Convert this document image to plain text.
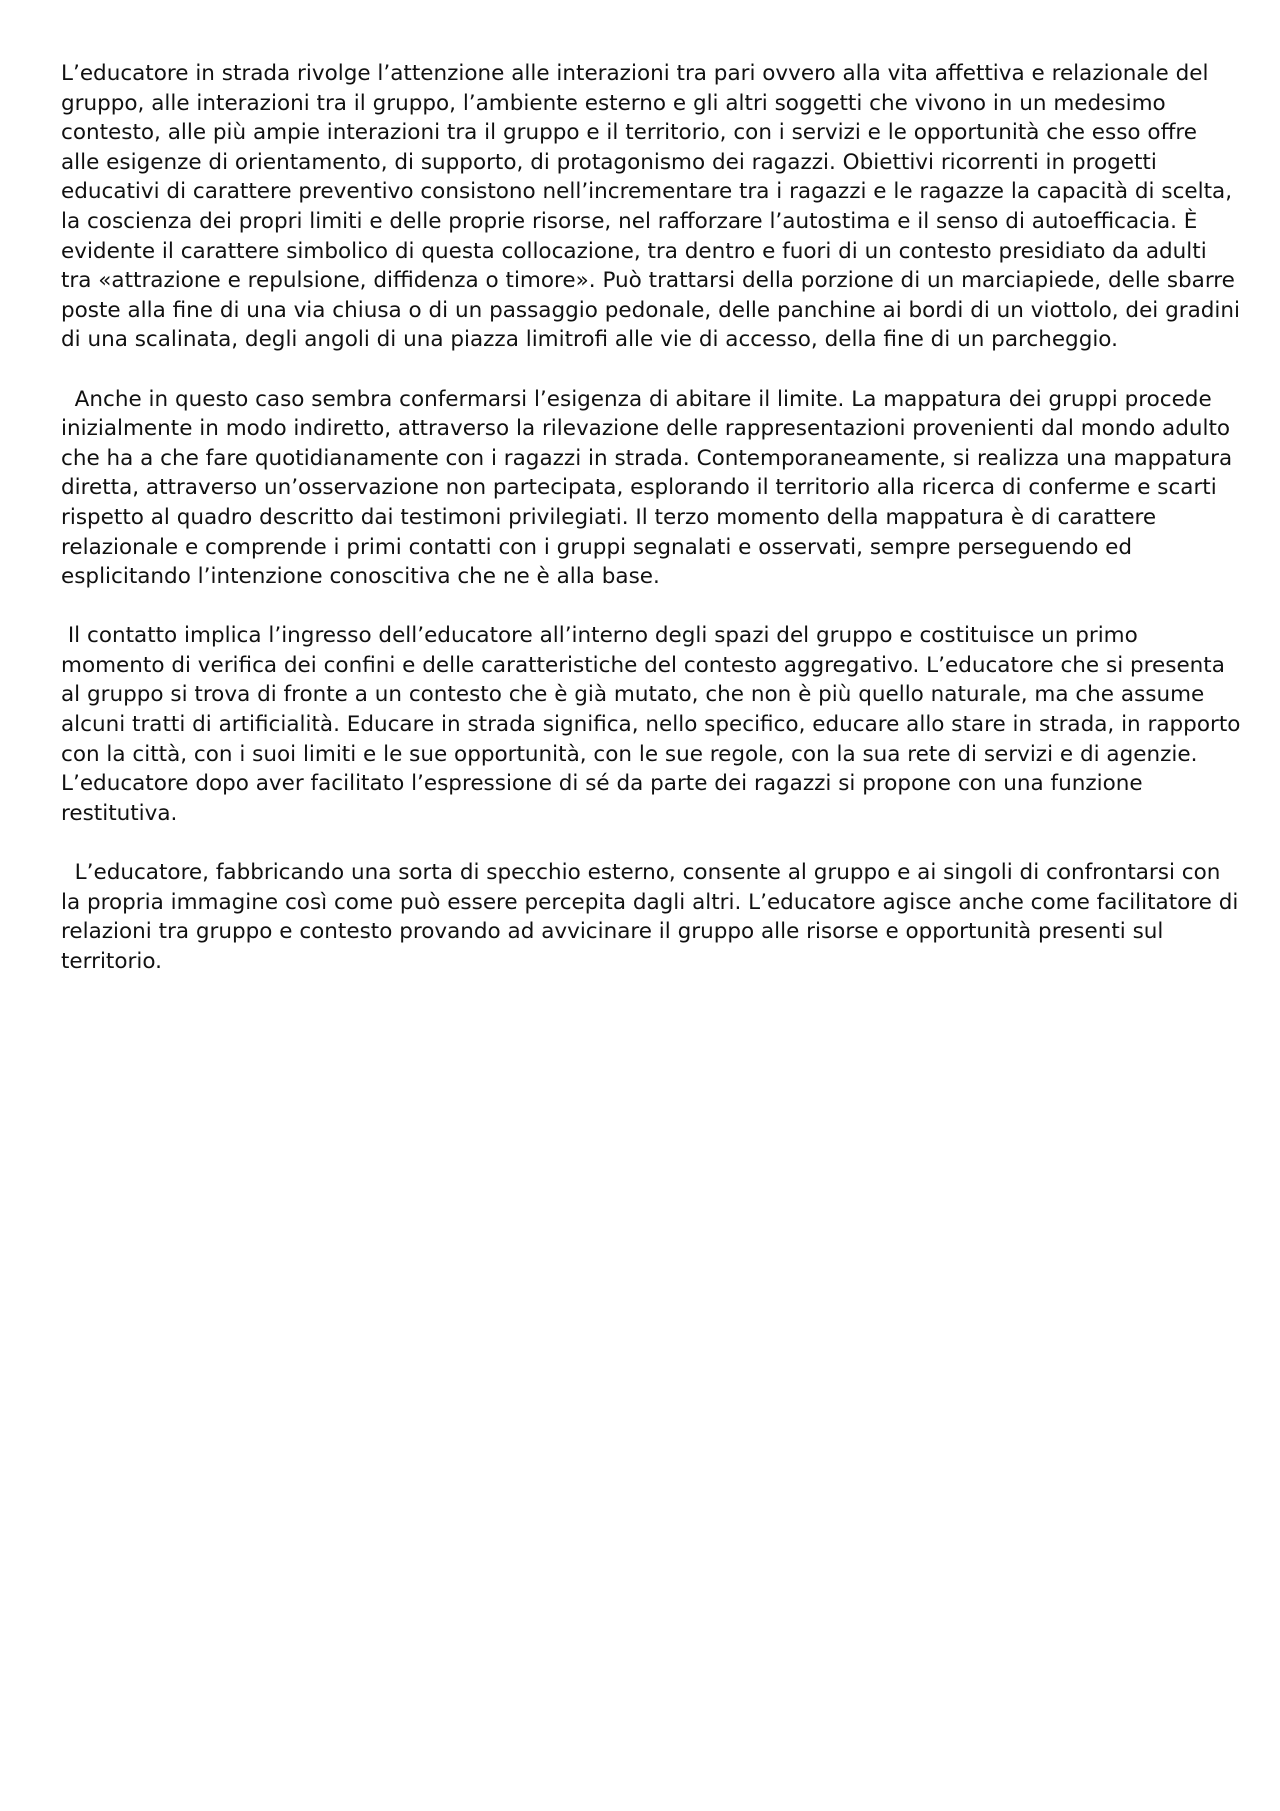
L’educatore in strada rivolge l’attenzione alle interazioni tra pari ovvero alla vita affettiva e relazionale del gruppo, alle interazioni tra il gruppo, l’ambiente esterno e gli altri soggetti che vivono in un medesimo contesto, alle più ampie interazioni tra il gruppo e il territorio, con i servizi e le opportunità che esso offre alle esigenze di orientamento, di supporto, di protagonismo dei ragazzi. Obiettivi ricorrenti in progetti educativi di carattere preventivo consistono nell’incrementare tra i ragazzi e le ragazze la capacità di scelta, la coscienza dei propri limiti e delle proprie risorse, nel rafforzare l’autostima e il senso di autoefficacia. È evidente il carattere simbolico di questa collocazione, tra dentro e fuori di un contesto presidiato da adulti tra «attrazione e repulsione, diffidenza o timore». Può trattarsi della porzione di un marciapiede, delle sbarre poste alla fine di una via chiusa o di un passaggio pedonale, delle panchine ai bordi di un viottolo, dei gradini di una scalinata, degli angoli di una piazza limitrofi alle vie di accesso, della fine di un parcheggio.

Anche in questo caso sembra confermarsi l’esigenza di abitare il limite. La mappatura dei gruppi procede inizialmente in modo indiretto, attraverso la rilevazione delle rappresentazioni provenienti dal mondo adulto che ha a che fare quotidianamente con i ragazzi in strada. Contemporaneamente, si realizza una mappatura diretta, attraverso un’osservazione non partecipata, esplorando il territorio alla ricerca di conferme e scarti rispetto al quadro descritto dai testimoni privilegiati. Il terzo momento della mappatura è di carattere relazionale e comprende i primi contatti con i gruppi segnalati e osservati, sempre perseguendo ed esplicitando l’intenzione conoscitiva che ne è alla base.

Il contatto implica l’ingresso dell’educatore all’interno degli spazi del gruppo e costituisce un primo momento di verifica dei confini e delle caratteristiche del contesto aggregativo. L’educatore che si presenta al gruppo si trova di fronte a un contesto che è già mutato, che non è più quello naturale, ma che assume alcuni tratti di artificialità. Educare in strada significa, nello specifico, educare allo stare in strada, in rapporto con la città, con i suoi limiti e le sue opportunità, con le sue regole, con la sua rete di servizi e di agenzie. L’educatore dopo aver facilitato l’espressione di sé da parte dei ragazzi si propone con una funzione restitutiva.

L’educatore, fabbricando una sorta di specchio esterno, consente al gruppo e ai singoli di confrontarsi con la propria immagine così come può essere percepita dagli altri. L’educatore agisce anche come facilitatore di relazioni tra gruppo e contesto provando ad avvicinare il gruppo alle risorse e opportunità presenti sul territorio.
